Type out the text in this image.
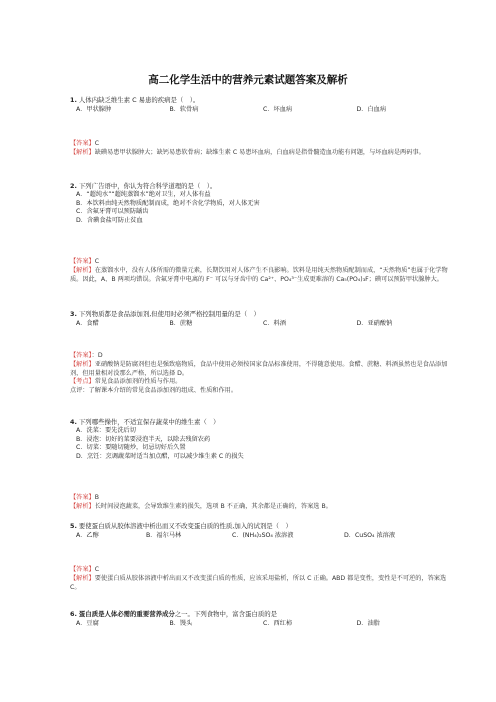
高二化学生活中的营养元素试题答案及解析
1. 人体内缺乏维生素 C 易患的疾病是（　）。
A．甲状腺肿	B．软骨病	C．坏血病	D．白血病
【答案】C
【解析】缺碘易患甲状腺肿大；缺钙易患软骨病；缺维生素 C 易患坏血病，白血病是指骨髓造血功能有问题，与坏血病是两码事。
2. 下列广告语中，你认为符合科学道理的是（　）。
A．“超纯水”“超纯蒸馏水”绝对卫生，对人体有益
B．本饮料由纯天然物质配制而成，绝对不含化学物质，对人体无害
C．含氟牙膏可以预防龋齿
D．含碘食盐可防止贫血
【答案】C
【解析】在蒸馏水中，没有人体所需的微量元素，长期饮用对人体产生不良影响。饮料是用纯天然物质配制而成，“天然物质”也属于化学物质。因此，A、B 两项均错误。含氟牙膏中电离的 F⁻ 可以与牙齿中的 Ca²⁺、PO₄³⁻生成更难溶的 Ca₅(PO₄)₃F；碘可以预防甲状腺肿大。
3. 下列物质都是食品添加剂,但使用时必须严格控制用量的是（　）
A．食醋	B．蔗糖	C．料酒	D．亚硝酸钠
【答案】：D
【解析】亚硝酸钠是防腐剂但也是强致癌物质，食品中使用必须按国家食品标准使用，不得随意使用。食醋、蔗糖、料酒虽然也是食品添加剂，但用量相对没那么严格，所以选择 D。
【考点】常见食品添加剂的性质与作用。
点评：了解课本介绍的常见食品添加剂的组成、性质和作用。
4. 下列哪些操作，不适宜保存蔬菜中的维生素（　）
A．洗菜：要先洗后切
B．浸泡：切好的菜要浸泡半天，以除去残留农药
C．切菜：要随切随炒，切忌切好后久置
D．烹饪：烹调蔬菜时适当加点醋，可以减少维生素 C 的损失
【答案】B
【解析】长时间浸泡蔬菜，会导致维生素的损失，选项 B 不正确，其余都是正确的，答案选 B。
5. 要使蛋白质从胶体溶液中析出而又不改变蛋白质的性质,加入的试剂是（　）
A．乙醇	B．福尔马林	C．(NH₄)₂SO₄ 浓溶液	D．CuSO₄ 浓溶液
【答案】C
【解析】要使蛋白质从胶体溶液中析出而又不改变蛋白质的性质，应该采用盐析，所以 C 正确。ABD 都是变性，变性是不可逆的，答案选 C。
6. 蛋白质是人体必需的重要营养成分之一。下列食物中，富含蛋白质的是
A．豆腐	B．馒头	C．西红柿	D．油脂
